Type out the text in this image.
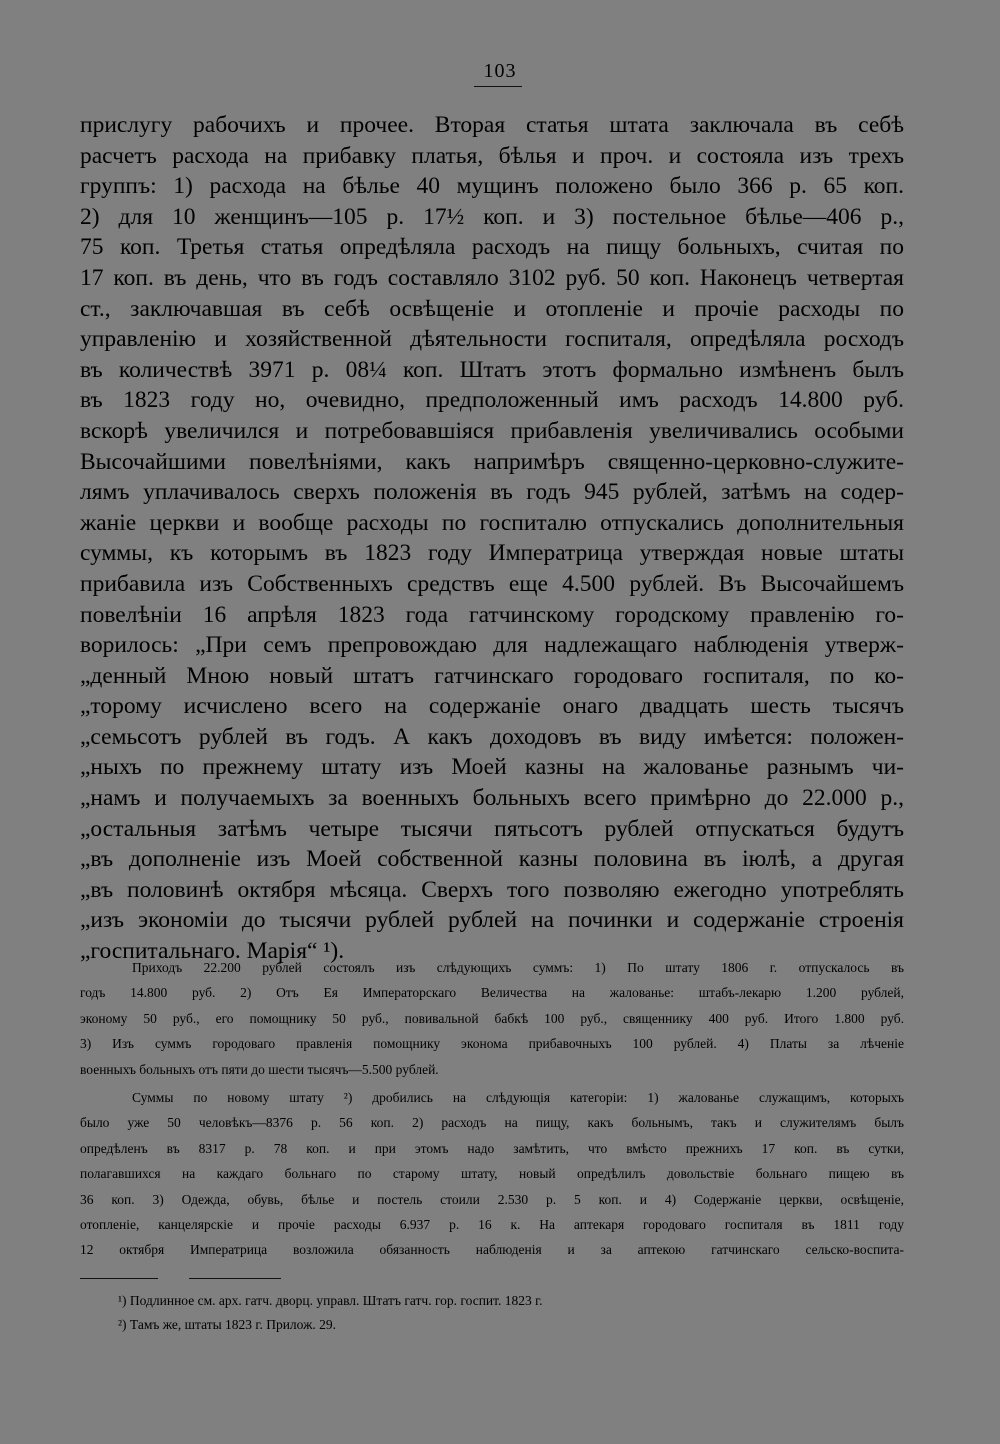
103
прислугу рабочихъ и прочее. Вторая статья штата заключала въ себѣ
расчетъ расхода на прибавку платья, бѣлья и проч. и состояла изъ трехъ
группъ: 1) расхода на бѣлье 40 мущинъ положено было 366 р. 65 коп.
2) для 10 женщинъ—105 р. 17½ коп. и 3) постельное бѣлье—406 р.,
75 коп. Третья статья опредѣляла расходъ на пищу больныхъ, считая по
17 коп. въ день, что въ годъ составляло 3102 руб. 50 коп. Наконецъ четвертая
ст., заключавшая въ себѣ освѣщеніе и отопленіе и прочіе расходы по
управленію и хозяйственной дѣятельности госпиталя, опредѣляла росходъ
въ количествѣ 3971 р. 08¼ коп. Штатъ этотъ формально измѣненъ былъ
въ 1823 году но, очевидно, предположенный имъ расходъ 14.800 руб.
вскорѣ увеличился и потребовавшіяся прибавленія увеличивались особыми
Высочайшими повелѣніями, какъ напримѣръ священно-церковно-служите-
лямъ уплачивалось сверхъ положенія въ годъ 945 рублей, затѣмъ на содер-
жаніе церкви и вообще расходы по госпиталю отпускались дополнительныя
суммы, къ которымъ въ 1823 году Императрица утверждая новые штаты
прибавила изъ Собственныхъ средствъ еще 4.500 рублей. Въ Высочайшемъ
повелѣніи 16 апрѣля 1823 года гатчинскому городскому правленію го-
ворилось: „При семъ препровождаю для надлежащаго наблюденія утверж-
„денный Мною новый штатъ гатчинскаго городоваго госпиталя, по ко-
„торому исчислено всего на содержаніе онаго двадцать шесть тысячъ
„семьсотъ рублей въ годъ. А какъ доходовъ въ виду имѣется: положен-
„ныхъ по прежнему штату изъ Моей казны на жалованье разнымъ чи-
„намъ и получаемыхъ за военныхъ больныхъ всего примѣрно до 22.000 р.,
„остальныя затѣмъ четыре тысячи пятьсотъ рублей отпускаться будутъ
„въ дополненіе изъ Моей собственной казны половина въ іюлѣ, а другая
„въ половинѣ октября мѣсяца. Сверхъ того позволяю ежегодно употреблять
„изъ экономіи до тысячи рублей рублей на починки и содержаніе строенія
„госпитальнаго. Марія“ ¹).
Приходъ 22.200 рублей состоялъ изъ слѣдующихъ суммъ: 1) По штату 1806 г. отпускалось въ
годъ 14.800 руб. 2) Отъ Ея Императорскаго Величества на жалованье: штабъ-лекарю 1.200 рублей,
эконому 50 руб., его помощнику 50 руб., повивальной бабкѣ 100 руб., священнику 400 руб. Итого 1.800 руб.
3) Изъ суммъ городоваго правленія помощнику эконома прибавочныхъ 100 рублей. 4) Платы за лѣченіе
военныхъ больныхъ отъ пяти до шести тысячъ—5.500 рублей.
Суммы по новому штату ²) дробились на слѣдующія категоріи: 1) жалованье служащимъ, которыхъ
было уже 50 человѣкъ—8376 р. 56 коп. 2) расходъ на пищу, какъ больнымъ, такъ и служителямъ былъ
опредѣленъ въ 8317 р. 78 коп. и при этомъ надо замѣтить, что вмѣсто прежнихъ 17 коп. въ сутки,
полагавшихся на каждаго больнаго по старому штату, новый опредѣлилъ довольствіе больнаго пищею въ
36 коп. 3) Одежда, обувь, бѣлье и постель стоили 2.530 р. 5 коп. и 4) Содержаніе церкви, освѣщеніе,
отопленіе, канцелярскіе и прочіе расходы 6.937 р. 16 к. На аптекаря городоваго госпиталя въ 1811 году
12 октября Императрица возложила обязанность наблюденія и за аптекою гатчинскаго сельско-воспита-
¹) Подлинное см. арх. гатч. дворц. управл. Штатъ гатч. гор. госпит. 1823 г.
²) Тамъ же, штаты 1823 г. Прилож. 29.
